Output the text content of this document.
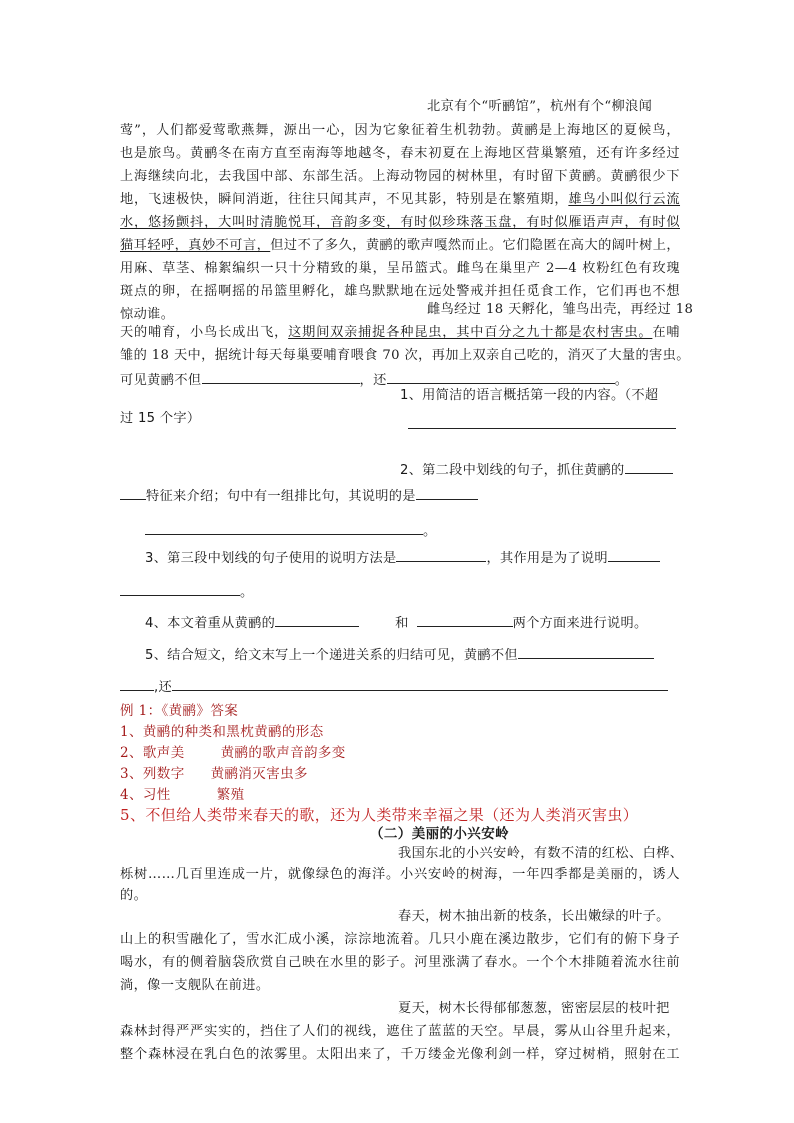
北京有个“听鹂馆”，杭州有个“柳浪闻
莺”，人们都爱莺歌燕舞，源出一心，因为它象征着生机勃勃。黄鹂是上海地区的夏候鸟，
也是旅鸟。黄鹂冬在南方直至南海等地越冬，春末初夏在上海地区营巢繁殖，还有许多经过
上海继续向北，去我国中部、东部生活。上海动物园的树林里，有时留下黄鹂。黄鹂很少下
地，飞速极快，瞬间消逝，往往只闻其声，不见其影，特别是在繁殖期，雄鸟小叫似行云流
水，悠扬颤抖，大叫时清脆悦耳，音韵多变，有时似珍珠落玉盘，有时似雁语声声，有时似
猫耳轻呼，真妙不可言，但过不了多久，黄鹂的歌声嘎然而止。它们隐匿在高大的阔叶树上，
用麻、草茎、棉絮编织一只十分精致的巢，呈吊篮式。雌鸟在巢里产 2—4 枚粉红色有玫瑰
斑点的卵，在摇啊摇的吊篮里孵化，雄鸟默默地在远处警戒并担任觅食工作，它们再也不想
惊动谁。	雌鸟经过 18 天孵化，雏鸟出壳，再经过 18
天的哺育，小鸟长成出飞，这期间双亲捕捉各种昆虫，其中百分之九十都是农村害虫。在哺
雏的 18 天中，据统计每天每巢要哺育喂食 70 次，再加上双亲自己吃的，消灭了大量的害虫。
可见黄鹂不但	，还	。
1、用简洁的语言概括第一段的内容。（不超
过 15 个字）
2、第二段中划线的句子，抓住黄鹂的
特征来介绍；句中有一组排比句，其说明的是
。
3、第三段中划线的句子使用的说明方法是	，其作用是为了说明
。
4、本文着重从黄鹂的	和	两个方面来进行说明。
5、结合短文，给文末写上一个递进关系的归结可见，黄鹂不但
,还
例 1：《黄鹂》答案
1、黄鹂的种类和黑枕黄鹂的形态
2、歌声美	黄鹂的歌声音韵多变
3、列数字 黄鹂消灭害虫多
4、习性	繁殖
5、不但给人类带来春天的歌，还为人类带来幸福之果（还为人类消灭害虫）
（二）美丽的小兴安岭
我国东北的小兴安岭，有数不清的红松、白桦、
栎树……几百里连成一片，就像绿色的海洋。小兴安岭的树海，一年四季都是美丽的，诱人
的。
春天，树木抽出新的枝条，长出嫩绿的叶子。
山上的积雪融化了，雪水汇成小溪，淙淙地流着。几只小鹿在溪边散步，它们有的俯下身子
喝水，有的侧着脑袋欣赏自己映在水里的影子。河里涨满了春水。一个个木排随着流水往前
淌，像一支舰队在前进。
夏天，树木长得郁郁葱葱，密密层层的枝叶把
森林封得严严实实的，挡住了人们的视线，遮住了蓝蓝的天空。早晨，雾从山谷里升起来，
整个森林浸在乳白色的浓雾里。太阳出来了，千万缕金光像利剑一样，穿过树梢，照射在工
